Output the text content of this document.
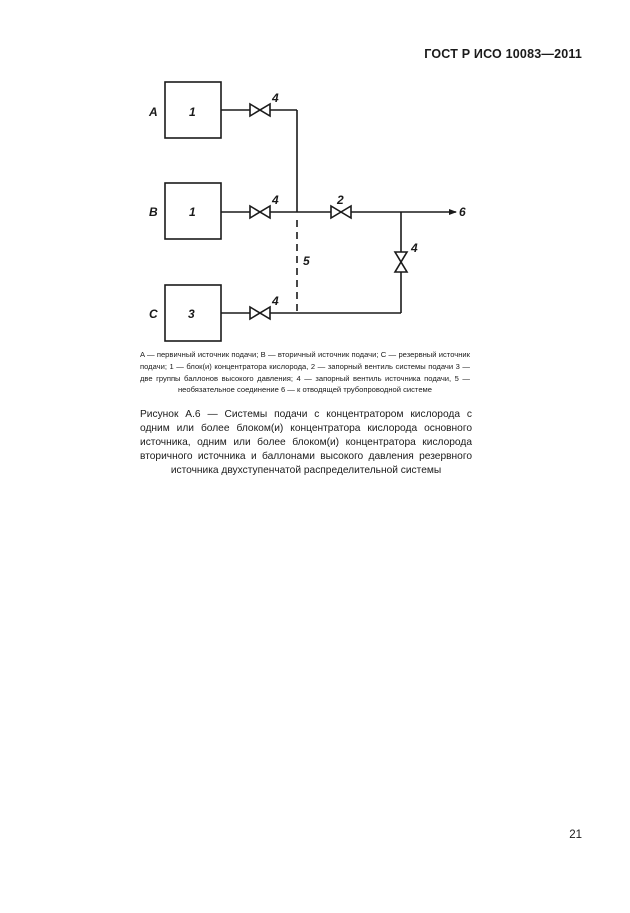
ГОСТ Р ИСО 10083—2011
A	1
4
B	1
4	2
6
5
4
C	3
4
A — первичный источник подачи; B — вторичный источник подачи; C — резервный источник подачи; 1 — блок(и) концентратора кислорода, 2 — запорный вентиль системы подачи 3 — две группы баллонов высокого давления; 4 — запорный вентиль источника подачи, 5 — необязательное соединение 6 — к отводящей трубопроводной системе
Рисунок А.6 — Системы подачи с концентратором кислорода с одним или более блоком(и) концентратора кислорода основного источника, одним или более блоком(и) концентратора кислорода вторичного источника и баллонами высокого давления резервного источника двухступенчатой распределительной системы
21
